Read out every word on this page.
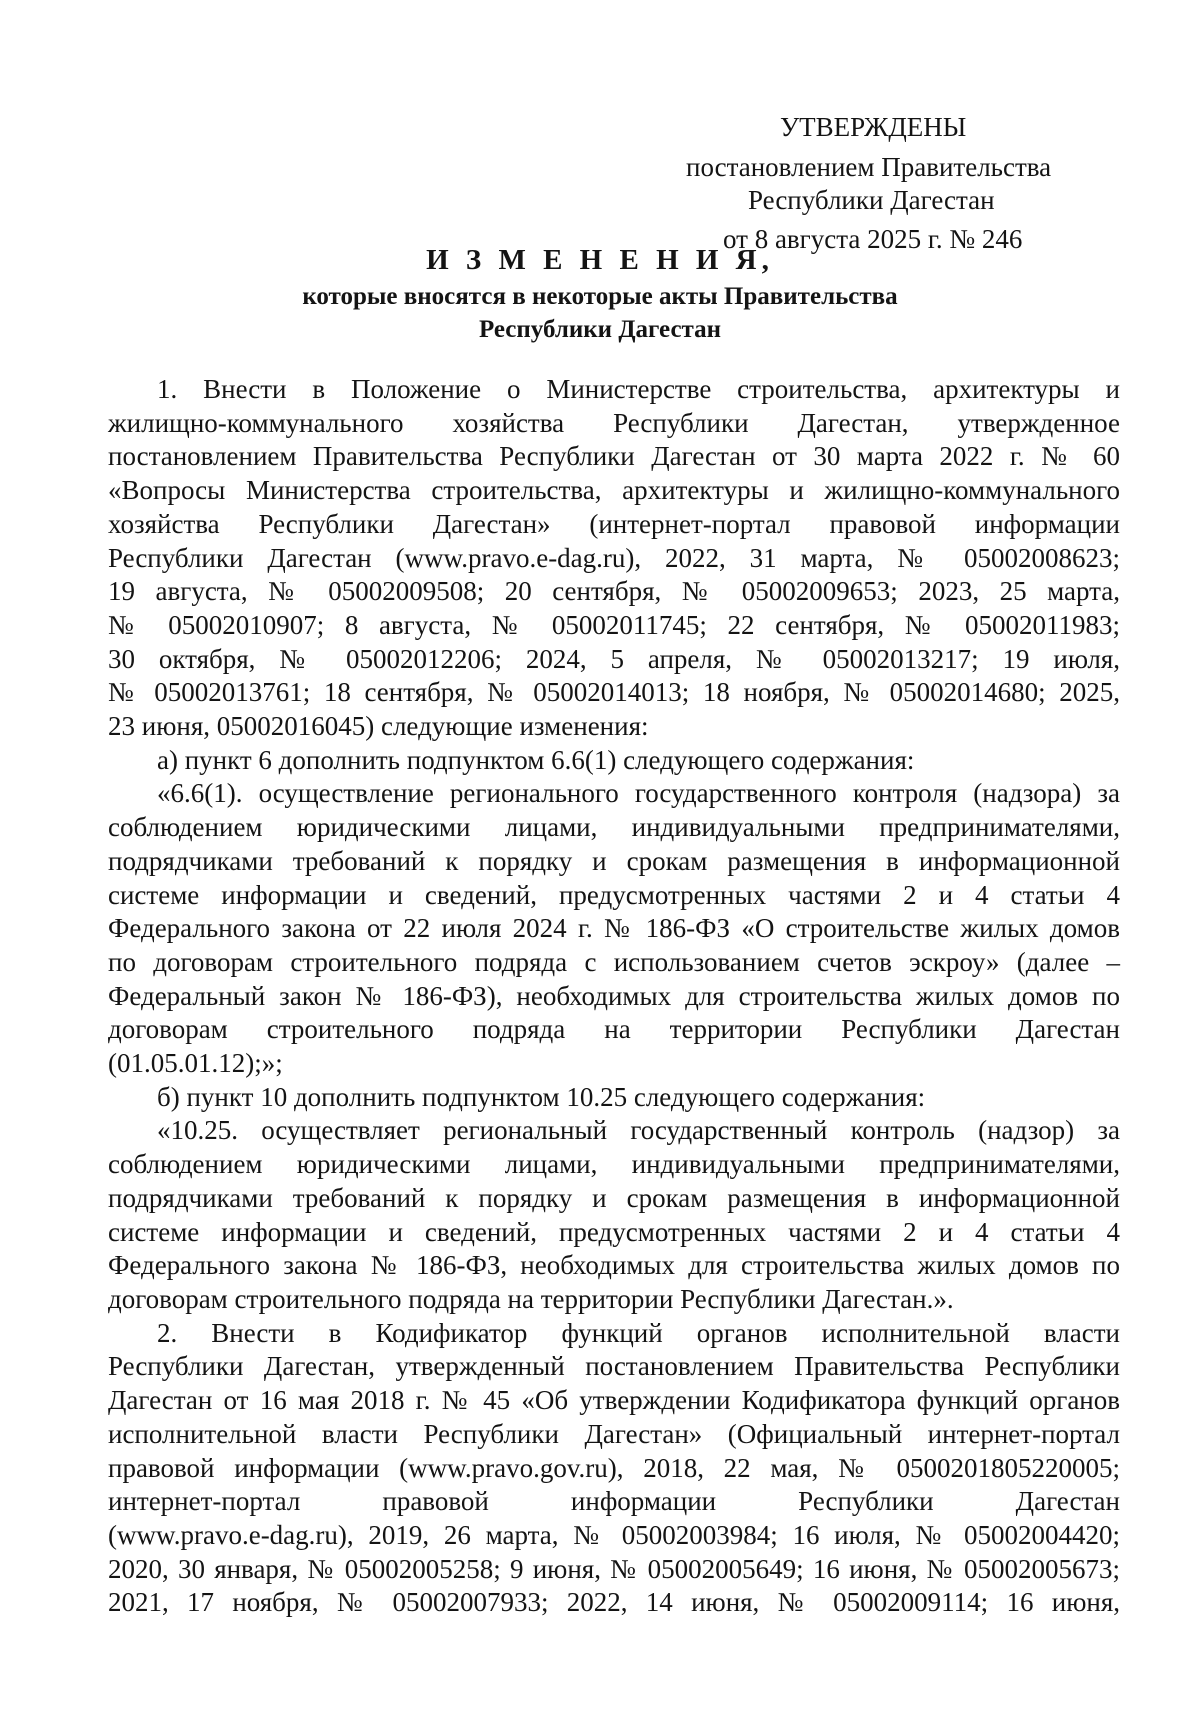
УТВЕРЖДЕНЫ
постановлением Правительства
Республики Дагестан
от 8 августа 2025 г. № 246
И З М Е Н Е Н И Я,
которые вносятся в некоторые акты Правительства
Республики Дагестан

1. Внести в Положение о Министерстве строительства, архитектуры и

жилищно-коммунального хозяйства Республики Дагестан, утвержденное

постановлением Правительства Республики Дагестан от 30 марта 2022 г. № 60

«Вопросы Министерства строительства, архитектуры и жилищно-коммунального

хозяйства Республики Дагестан» (интернет-портал правовой информации

Республики Дагестан (www.pravo.e-dag.ru), 2022, 31 марта, № 05002008623;

19 августа, № 05002009508; 20 сентября, № 05002009653; 2023, 25 марта,

№ 05002010907; 8 августа, № 05002011745; 22 сентября, № 05002011983;

30 октября, № 05002012206; 2024, 5 апреля, № 05002013217; 19 июля,

№ 05002013761; 18 сентября, № 05002014013; 18 ноября, № 05002014680; 2025,

23 июня, 05002016045) следующие изменения:

а) пункт 6 дополнить подпунктом 6.6(1) следующего содержания:

«6.6(1). осуществление регионального государственного контроля (надзора) за

соблюдением юридическими лицами, индивидуальными предпринимателями,

подрядчиками требований к порядку и срокам размещения в информационной

системе информации и сведений, предусмотренных частями 2 и 4 статьи 4

Федерального закона от 22 июля 2024 г. № 186-ФЗ «О строительстве жилых домов

по договорам строительного подряда с использованием счетов эскроу» (далее –

Федеральный закон № 186-ФЗ), необходимых для строительства жилых домов по

договорам строительного подряда на территории Республики Дагестан

(01.05.01.12);»;

б) пункт 10 дополнить подпунктом 10.25 следующего содержания:

«10.25. осуществляет региональный государственный контроль (надзор) за

соблюдением юридическими лицами, индивидуальными предпринимателями,

подрядчиками требований к порядку и срокам размещения в информационной

системе информации и сведений, предусмотренных частями 2 и 4 статьи 4

Федерального закона № 186-ФЗ, необходимых для строительства жилых домов по

договорам строительного подряда на территории Республики Дагестан.».

2. Внести в Кодификатор функций органов исполнительной власти

Республики Дагестан, утвержденный постановлением Правительства Республики

Дагестан от 16 мая 2018 г. № 45 «Об утверждении Кодификатора функций органов

исполнительной власти Республики Дагестан» (Официальный интернет-портал

правовой информации (www.pravo.gov.ru), 2018, 22 мая, № 0500201805220005;

интернет-портал правовой информации Республики Дагестан

(www.pravo.e-dag.ru), 2019, 26 марта, № 05002003984; 16 июля, № 05002004420;

2020, 30 января, № 05002005258; 9 июня, № 05002005649; 16 июня, № 05002005673;

2021, 17 ноября, № 05002007933; 2022, 14 июня, № 05002009114; 16 июня,
